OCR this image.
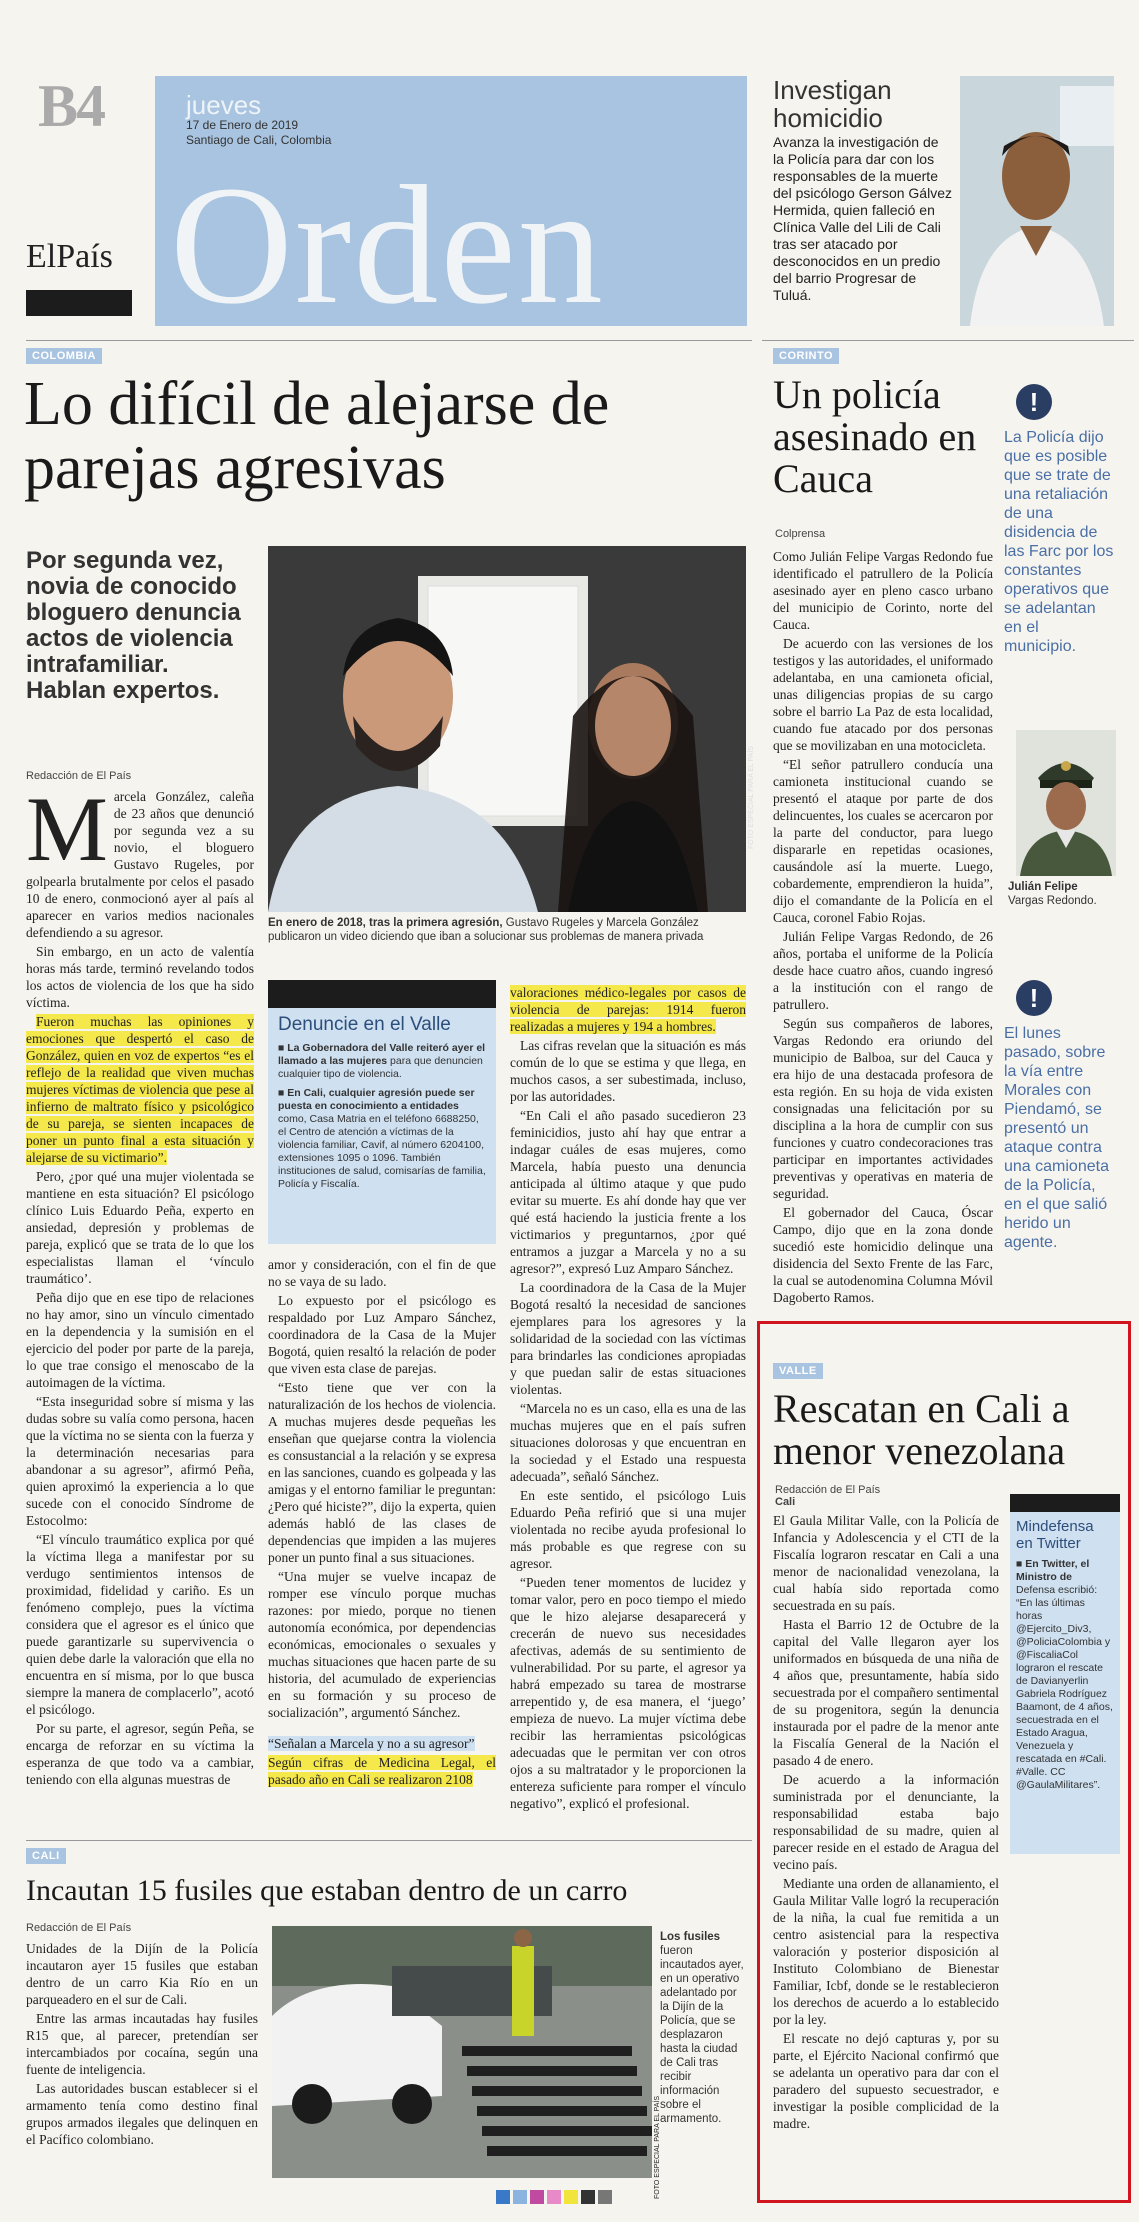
B4
ElPaís
jueves
17 de Enero de 2019
Santiago de Cali, Colombia
Orden
Investigan homicidio
Avanza la investigación de la Policía para dar con los responsables de la muerte del psicólogo Gerson Gálvez Hermida, quien falleció en Clínica Valle del Lili de Cali tras ser atacado por desconocidos en un predio del barrio Progresar de Tuluá.
COLOMBIA
Lo difícil de alejarse de parejas agresivas
Por segunda vez, novia de conocido bloguero denuncia actos de violencia intrafamiliar. Hablan expertos.
Redacción de El País	FOTO ESPECIAL PARA EL PAÍS
En enero de 2018, tras la primera agresión, Gustavo Rugeles y Marcela González publicaron un video diciendo que iban a solucionar sus problemas de manera privada
M arcela González, caleña de 23 años que denunció por segunda vez a su novio, el bloguero Gustavo Rugeles, por golpearla brutalmente por celos el pasado 10 de enero, conmocionó ayer al país al aparecer en varios medios nacionales defendiendo a su agresor.

Sin embargo, en un acto de valentía horas más tarde, terminó revelando todos los actos de violencia de los que ha sido víctima.

Fueron muchas las opiniones y emociones que despertó el caso de González, quien en voz de expertos “es el reflejo de la realidad que viven muchas mujeres víctimas de violencia que pese al infierno de maltrato físico y psicológico de su pareja, se sienten incapaces de poner un punto final a esta situación y alejarse de su victimario”.

Pero, ¿por qué una mujer violentada se mantiene en esta situación? El psicólogo clínico Luis Eduardo Peña, experto en ansiedad, depresión y problemas de pareja, explicó que se trata de lo que los especialistas llaman el ‘vínculo traumático’.

Peña dijo que en ese tipo de relaciones no hay amor, sino un vínculo cimentado en la dependencia y la sumisión en el ejercicio del poder por parte de la pareja, lo que trae consigo el menoscabo de la autoimagen de la víctima.

“Esta inseguridad sobre sí misma y las dudas sobre su valía como persona, hacen que la víctima no se sienta con la fuerza y la determinación necesarias para abandonar a su agresor”, afirmó Peña, quien aproximó la experiencia a lo que sucede con el conocido Síndrome de Estocolmo:

“El vínculo traumático explica por qué la víctima llega a manifestar por su verdugo sentimientos intensos de proximidad, fidelidad y cariño. Es un fenómeno complejo, pues la víctima considera que el agresor es el único que puede garantizarle su supervivencia o quien debe darle la valoración que ella no encuentra en sí misma, por lo que busca siempre la manera de complacerlo”, acotó el psicólogo.

Por su parte, el agresor, según Peña, se encarga de reforzar en su víctima la esperanza de que todo va a cambiar, teniendo con ella algunas muestras de

Denuncie en el Valle
■ La Gobernadora del Valle reiteró ayer el llamado a las mujeres para que denuncien cualquier tipo de violencia.
■ En Cali, cualquier agresión puede ser puesta en conocimiento a entidades como, Casa Matria en el teléfono 6688250, el Centro de atención a víctimas de la violencia familiar, Cavif, al número 6204100, extensiones 1095 o 1096. También instituciones de salud, comisarías de familia, Policía y Fiscalía.

amor y consideración, con el fin de que no se vaya de su lado.

Lo expuesto por el psicólogo es respaldado por Luz Amparo Sánchez, coordinadora de la Casa de la Mujer Bogotá, quien resaltó la relación de poder que viven esta clase de parejas.

“Esto tiene que ver con la naturalización de los hechos de violencia. A muchas mujeres desde pequeñas les enseñan que quejarse contra la violencia es consustancial a la relación y se expresa en las sanciones, cuando es golpeada y las amigas y el entorno familiar le preguntan: ¿Pero qué hiciste?”, dijo la experta, quien además habló de las clases de dependencias que impiden a las mujeres poner un punto final a sus situaciones.

“Una mujer se vuelve incapaz de romper ese vínculo porque muchas razones: por miedo, porque no tienen autonomía económica, por dependencias económicas, emocionales o sexuales y muchas situaciones que hacen parte de su historia, del acumulado de experiencias en su formación y su proceso de socialización”, argumentó Sánchez.

“Señalan a Marcela y no a su agresor”

Según cifras de Medicina Legal, el pasado año en Cali se realizaron 2108

valoraciones médico-legales por casos de violencia de parejas: 1914 fueron realizadas a mujeres y 194 a hombres.

Las cifras revelan que la situación es más común de lo que se estima y que llega, en muchos casos, a ser subestimada, incluso, por las autoridades.

“En Cali el año pasado sucedieron 23 feminicidios, justo ahí hay que entrar a indagar cuáles de esas mujeres, como Marcela, había puesto una denuncia anticipada al último ataque y que pudo evitar su muerte. Es ahí donde hay que ver qué está haciendo la justicia frente a los victimarios y preguntarnos, ¿por qué entramos a juzgar a Marcela y no a su agresor?”, expresó Luz Amparo Sánchez.

La coordinadora de la Casa de la Mujer Bogotá resaltó la necesidad de sanciones ejemplares para los agresores y la solidaridad de la sociedad con las víctimas para brindarles las condiciones apropiadas y que puedan salir de estas situaciones violentas.

“Marcela no es un caso, ella es una de las muchas mujeres que en el país sufren situaciones dolorosas y que encuentran en la sociedad y el Estado una respuesta adecuada”, señaló Sánchez.

En este sentido, el psicólogo Luis Eduardo Peña refirió que si una mujer violentada no recibe ayuda profesional lo más probable es que regrese con su agresor.

“Pueden tener momentos de lucidez y tomar valor, pero en poco tiempo el miedo que le hizo alejarse desaparecerá y crecerán de nuevo sus necesidades afectivas, además de su sentimiento de vulnerabilidad. Por su parte, el agresor ya habrá empezado su tarea de mostrarse arrepentido y, de esa manera, el ‘juego’ empieza de nuevo. La mujer víctima debe recibir las herramientas psicológicas adecuadas que le permitan ver con otros ojos a su maltratador y le proporcionen la entereza suficiente para romper el vínculo negativo”, explicó el profesional.

CORINTO
Un policía asesinado en Cauca
Colprensa

Como Julián Felipe Vargas Redondo fue identificado el patrullero de la Policía asesinado ayer en pleno casco urbano del municipio de Corinto, norte del Cauca.

De acuerdo con las versiones de los testigos y las autoridades, el uniformado adelantaba, en una camioneta oficial, unas diligencias propias de su cargo sobre el barrio La Paz de esta localidad, cuando fue atacado por dos personas que se movilizaban en una motocicleta.

“El señor patrullero conducía una camioneta institucional cuando se presentó el ataque por parte de dos delincuentes, los cuales se acercaron por la parte del conductor, para luego dispararle en repetidas ocasiones, causándole así la muerte. Luego, cobardemente, emprendieron la huida”, dijo el comandante de la Policía en el Cauca, coronel Fabio Rojas.

Julián Felipe Vargas Redondo, de 26 años, portaba el uniforme de la Policía desde hace cuatro años, cuando ingresó a la institución con el rango de patrullero.

Según sus compañeros de labores, Vargas Redondo era oriundo del municipio de Balboa, sur del Cauca y era hijo de una destacada profesora de esta región. En su hoja de vida existen consignadas una felicitación por su disciplina a la hora de cumplir con sus funciones y cuatro condecoraciones tras participar en importantes actividades preventivas y operativas en materia de seguridad.

El gobernador del Cauca, Óscar Campo, dijo que en la zona donde sucedió este homicidio delinque una disidencia del Sexto Frente de las Farc, la cual se autodenomina Columna Móvil Dagoberto Ramos.

!
La Policía dijo que es posible que se trate de una retaliación de una disidencia de las Farc por los constantes operativos que se adelantan en el municipio.
Julián Felipe
Vargas Redondo.
!
El lunes pasado, sobre la vía entre Morales con Piendamó, se presentó un ataque contra una camioneta de la Policía, en el que salió herido un agente.
VALLE
Rescatan en Cali a menor venezolana
Redacción de El País
Cali

El Gaula Militar Valle, con la Policía de Infancia y Adolescencia y el CTI de la Fiscalía lograron rescatar en Cali a una menor de nacionalidad venezolana, la cual había sido reportada como secuestrada en su país.

Hasta el Barrio 12 de Octubre de la capital del Valle llegaron ayer los uniformados en búsqueda de una niña de 4 años que, presuntamente, había sido secuestrada por el compañero sentimental de su progenitora, según la denuncia instaurada por el padre de la menor ante la Fiscalía General de la Nación el pasado 4 de enero.

De acuerdo a la información suministrada por el denunciante, la responsabilidad estaba bajo responsabilidad de su madre, quien al parecer reside en el estado de Aragua del vecino país.

Mediante una orden de allanamiento, el Gaula Militar Valle logró la recuperación de la niña, la cual fue remitida a un centro asistencial para la respectiva valoración y posterior disposición al Instituto Colombiano de Bienestar Familiar, Icbf, donde se le restablecieron los derechos de acuerdo a lo establecido por la ley.

El rescate no dejó capturas y, por su parte, el Ejército Nacional confirmó que se adelanta un operativo para dar con el paradero del supuesto secuestrador, e investigar la posible complicidad de la madre.

Mindefensa en Twitter
■ En Twitter, el Ministro de Defensa escribió: “En las últimas horas @Ejercito_Div3, @PoliciaColombia y @FiscaliaCol lograron el rescate de Davianyerlin Gabriela Rodríguez Baamont, de 4 años, secuestrada en el Estado Aragua, Venezuela y rescatada en #Cali. #Valle. CC @GaulaMilitares”.
CALI
Incautan 15 fusiles que estaban dentro de un carro
Redacción de El País

Unidades de la Dijín de la Policía incautaron ayer 15 fusiles que estaban dentro de un carro Kia Río en un parqueadero en el sur de Cali.

Entre las armas incautadas hay fusiles R15 que, al parecer, pretendían ser intercambiados por cocaína, según una fuente de inteligencia.

Las autoridades buscan establecer si el armamento tenía como destino final grupos armados ilegales que delinquen en el Pacífico colombiano.	FOTO ESPECIAL PARA EL PAÍS
Los fusiles fueron incautados ayer, en un operativo adelantado por la Dijín de la Policía, que se desplazaron hasta la ciudad de Cali tras recibir información sobre el armamento.
